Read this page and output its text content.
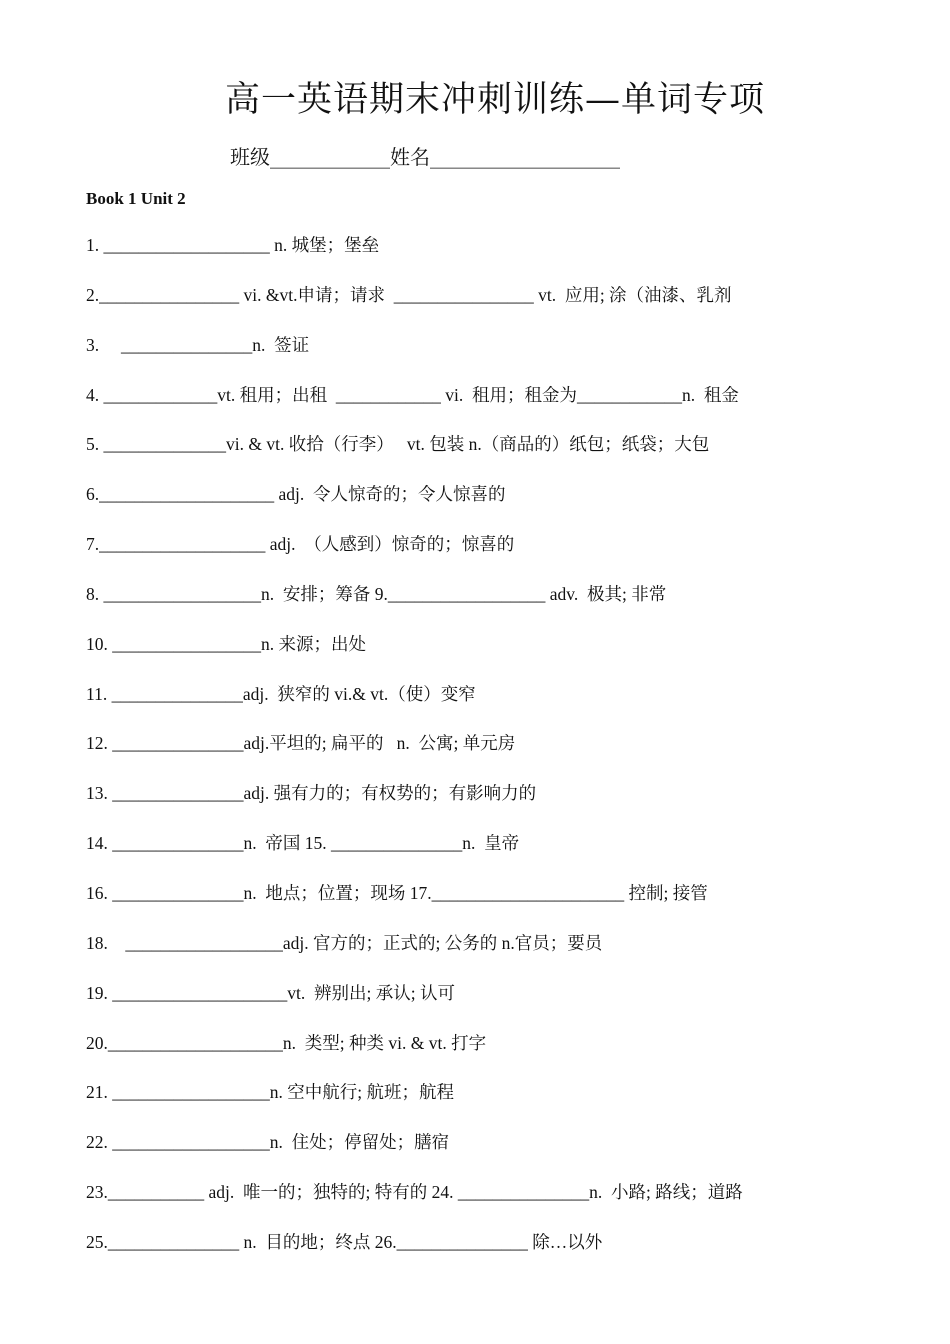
高一英语期末冲刺训练—单词专项
班级____________姓名___________________
Book 1 Unit 2
1. ___________________ n. 城堡；堡垒
2.________________ vi. &vt.申请；请求  ________________ vt.  应用; 涂（油漆、乳剂
3.     _______________n.  签证
4. _____________vt. 租用；出租  ____________ vi.  租用；租金为____________n.  租金
5. ______________vi. & vt. 收拾（行李）   vt. 包装 n.（商品的）纸包；纸袋；大包
6.____________________ adj.  令人惊奇的；令人惊喜的
7.___________________ adj.  （人感到）惊奇的；惊喜的
8. __________________n.  安排；筹备 9.__________________ adv.  极其; 非常
10. _________________n. 来源；出处
11. _______________adj.  狭窄的 vi.& vt.（使）变窄
12. _______________adj.平坦的; 扁平的   n.  公寓; 单元房
13. _______________adj. 强有力的；有权势的；有影响力的
14. _______________n.  帝国 15. _______________n.  皇帝
16. _______________n.  地点；位置；现场 17.______________________ 控制; 接管
18.    __________________adj. 官方的；正式的; 公务的 n.官员；要员
19. ____________________vt.  辨别出; 承认; 认可
20.____________________n.  类型; 种类 vi. & vt. 打字
21. __________________n. 空中航行; 航班；航程
22. __________________n.  住处；停留处；膳宿
23.___________ adj.  唯一的；独特的; 特有的 24. _______________n.  小路; 路线；道路
25._______________ n.  目的地；终点 26._______________ 除…以外
